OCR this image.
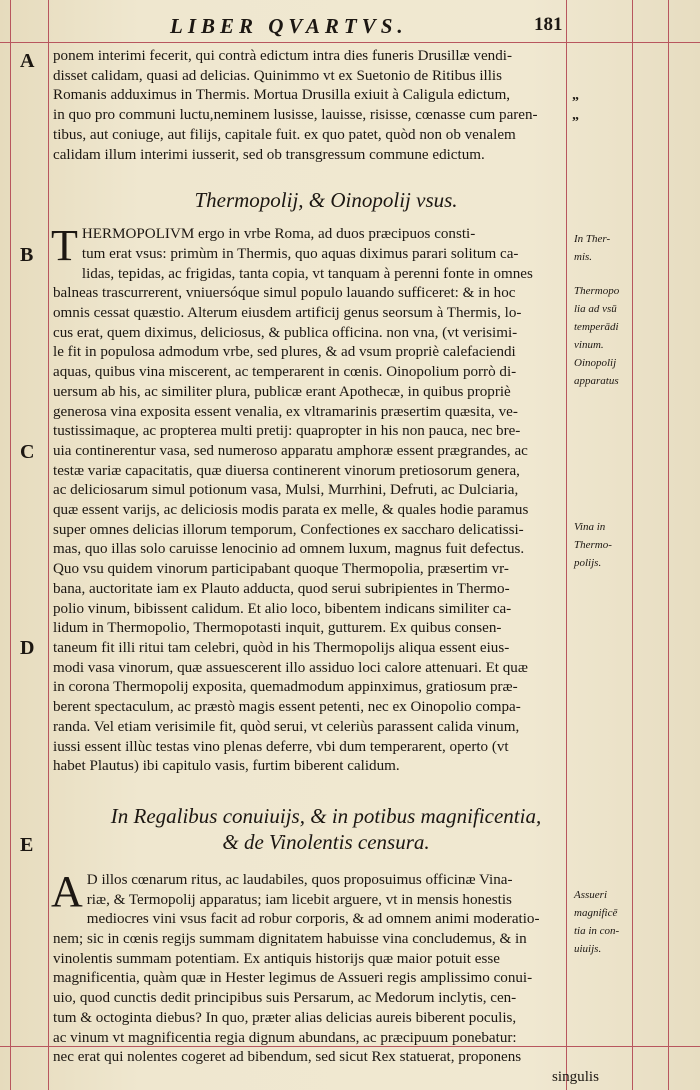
LIBER QVARTVS.	181
A
B
C
D
E
„
„

ponem interimi fecerit, qui contrà edictum intra dies funeris Drusillæ vendi-
disset calidam, quasi ad delicias. Quinimmo vt ex Suetonio de Ritibus illis
Romanis adduximus in Thermis. Mortua Drusilla exiuit à Caligula edictum,
in quo pro communi luctu,neminem lusisse, lauisse, risisse, cœnasse cum paren-
tibus, aut coniuge, aut filijs, capitale fuit. ex quo patet, quòd non ob venalem
calidam illum interimi iusserit, sed ob transgressum commune edictum.

Thermopolij, & Oinopolij vsus.

T HERMOPOLIVM ergo in vrbe Roma, ad duos præcipuos consti-
tum erat vsus: primùm in Thermis, quo aquas diximus parari solitum ca-
lidas, tepidas, ac frigidas, tanta copia, vt tanquam à perenni fonte in omnes
balneas trascurrerent, vniuersóque simul populo lauando sufficeret: & in hoc
omnis cessat quæstio. Alterum eiusdem artificij genus seorsum à Thermis, lo-
cus erat, quem diximus, deliciosus, & publica officina. non vna, (vt verisimi-
le fit in populosa admodum vrbe, sed plures, & ad vsum propriè calefaciendi
aquas, quibus vina miscerent, ac temperarent in cœnis. Oinopolium porrò di-
uersum ab his, ac similiter plura, publicæ erant Apothecæ, in quibus propriè
generosa vina exposita essent venalia, ex vltramarinis præsertim quæsita, ve-
tustissimaque, ac propterea multi pretij: quapropter in his non pauca, nec bre-
uia continerentur vasa, sed numeroso apparatu amphoræ essent prægrandes, ac
testæ variæ capacitatis, quæ diuersa continerent vinorum pretiosorum genera,
ac deliciosarum simul potionum vasa, Mulsi, Murrhini, Defruti, ac Dulciaria,
quæ essent varijs, ac deliciosis modis parata ex melle, & quales hodie paramus
super omnes delicias illorum temporum, Confectiones ex saccharo delicatissi-
mas, quo illas solo caruisse lenocinio ad omnem luxum, magnus fuit defectus.
Quo vsu quidem vinorum participabant quoque Thermopolia, præsertim vr-
bana, auctoritate iam ex Plauto adducta, quod serui subripientes in Thermo-
polio vinum, bibissent calidum. Et alio loco, bibentem indicans similiter ca-
lidum in Thermopolio, Thermopotasti inquit, gutturem. Ex quibus consen-
taneum fit illi ritui tam celebri, quòd in his Thermopolijs aliqua essent eius-
modi vasa vinorum, quæ assuescerent illo assiduo loci calore attenuari. Et quæ
in corona Thermopolij exposita, quemadmodum appinximus, gratiosum præ-
berent spectaculum, ac præstò magis essent petenti, nec ex Oinopolio compa-
randa. Vel etiam verisimile fit, quòd serui, vt celeriùs parassent calida vinum,
iussi essent illùc testas vino plenas deferre, vbi dum temperarent, operto (vt
habet Plautus) ibi capitulo vasis, furtim biberent calidum.

In Regalibus conuiuijs, & in potibus magnificentia,
& de Vinolentis censura.

A D illos cœnarum ritus, ac laudabiles, quos proposuimus officinæ Vina-
riæ, & Termopolij apparatus; iam licebit arguere, vt in mensis honestis
mediocres vini vsus facit ad robur corporis, & ad omnem animi moderatio-
nem; sic in cœnis regijs summam dignitatem habuisse vina concludemus, & in
vinolentis summam potentiam. Ex antiquis historijs quæ maior potuit esse
magnificentia, quàm quæ in Hester legimus de Assueri regis amplissimo conui-
uio, quod cunctis dedit principibus suis Persarum, ac Medorum inclytis, cen-
tum & octoginta diebus? In quo, præter alias delicias aureis biberent poculis,
ac vinum vt magnificentia regia dignum abundans, ac præcipuum ponebatur:
nec erat qui nolentes cogeret ad bibendum, sed sicut Rex statuerat, proponens
singulis

In Ther-
mis.
Thermopo
lia ad vsū
temperādi
vinum.
Oinopolij
apparatus
Vina in
Thermo-
polijs.
Assueri
magnificē
tia in con-
uiuijs.
